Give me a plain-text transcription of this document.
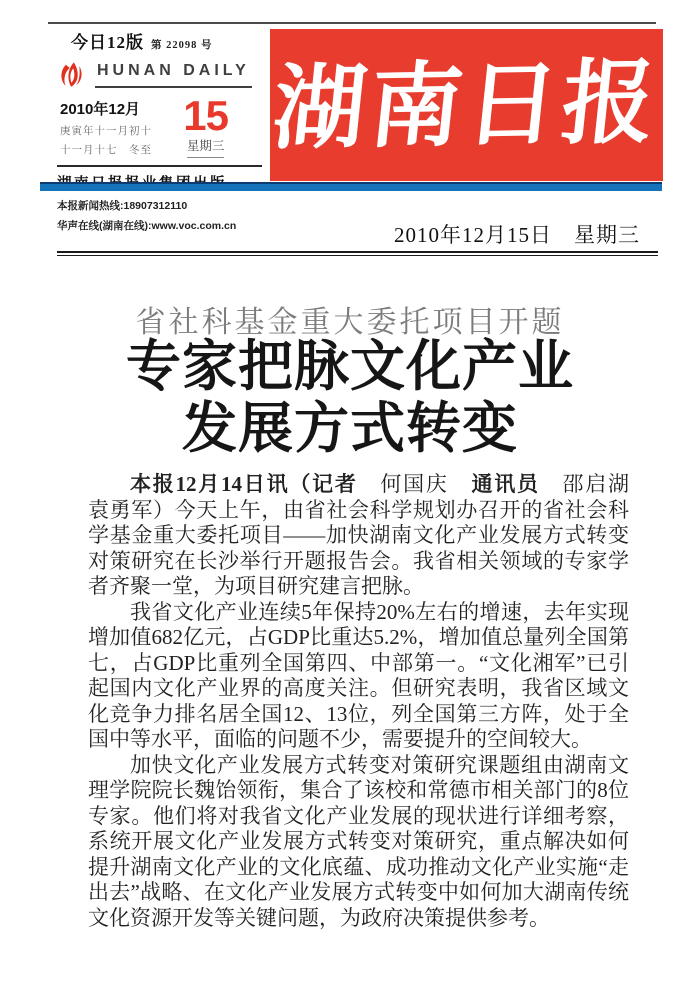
今日12版 第 22098 号
HUNAN DAILY
2010年12月
庚寅年十一月初十
十一月十七　冬至
15
星期三
本报新闻热线:18907312110
华声在线(湖南在线):www.voc.com.cn
湖南日报
2010年12月15日　星期三
省社科基金重大委托项目开题
专家把脉文化产业
发展方式转变

本报12月14日讯（记者　何国庆　通讯员　邵启湖　袁勇军）今天上午，由省社会科学规划办召开的省社会科学基金重大委托项目——加快湖南文化产业发展方式转变对策研究在长沙举行开题报告会。我省相关领域的专家学者齐聚一堂，为项目研究建言把脉。

我省文化产业连续5年保持20%左右的增速，去年实现增加值682亿元，占GDP比重达5.2%，增加值总量列全国第七，占GDP比重列全国第四、中部第一。“文化湘军”已引起国内文化产业界的高度关注。但研究表明，我省区域文化竞争力排名居全国12、13位，列全国第三方阵，处于全国中等水平，面临的问题不少，需要提升的空间较大。

加快文化产业发展方式转变对策研究课题组由湖南文理学院院长魏饴领衔，集合了该校和常德市相关部门的8位专家。他们将对我省文化产业发展的现状进行详细考察，系统开展文化产业发展方式转变对策研究，重点解决如何提升湖南文化产业的文化底蕴、成功推动文化产业实施“走出去”战略、在文化产业发展方式转变中如何加大湖南传统文化资源开发等关键问题，为政府决策提供参考。
